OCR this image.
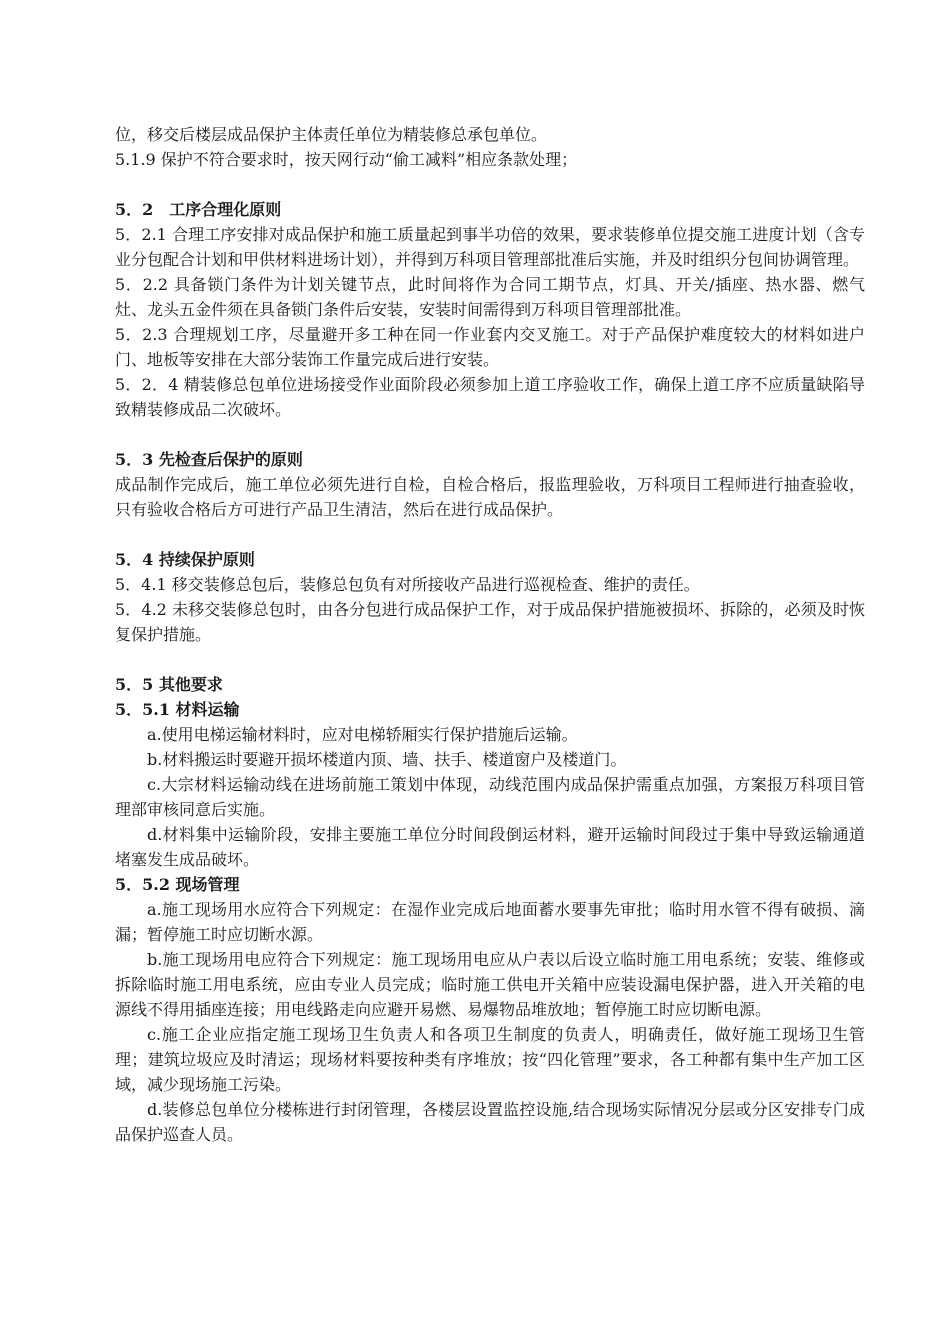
位，移交后楼层成品保护主体责任单位为精装修总承包单位。

5.1.9 保护不符合要求时，按天网行动“偷工减料”相应条款处理；

5．2　工序合理化原则

5．2.1 合理工序安排对成品保护和施工质量起到事半功倍的效果，要求装修单位提交施工进度计划（含专业分包配合计划和甲供材料进场计划），并得到万科项目管理部批准后实施，并及时组织分包间协调管理。

5．2.2 具备锁门条件为计划关键节点，此时间将作为合同工期节点，灯具、开关/插座、热水器、燃气灶、龙头五金件须在具备锁门条件后安装，安装时间需得到万科项目管理部批准。

5．2.3 合理规划工序，尽量避开多工种在同一作业套内交叉施工。对于产品保护难度较大的材料如进户门、地板等安排在大部分装饰工作量完成后进行安装。

5．2．4 精装修总包单位进场接受作业面阶段必须参加上道工序验收工作，确保上道工序不应质量缺陷导致精装修成品二次破坏。

5．3 先检查后保护的原则

成品制作完成后，施工单位必须先进行自检，自检合格后，报监理验收，万科项目工程师进行抽查验收，只有验收合格后方可进行产品卫生清洁，然后在进行成品保护。

5．4 持续保护原则

5．4.1 移交装修总包后，装修总包负有对所接收产品进行巡视检查、维护的责任。

5．4.2 未移交装修总包时，由各分包进行成品保护工作，对于成品保护措施被损坏、拆除的，必须及时恢复保护措施。

5．5 其他要求

5．5.1 材料运输

a.使用电梯运输材料时，应对电梯轿厢实行保护措施后运输。

b.材料搬运时要避开损坏楼道内顶、墙、扶手、楼道窗户及楼道门。

c.大宗材料运输动线在进场前施工策划中体现，动线范围内成品保护需重点加强，方案报万科项目管理部审核同意后实施。

d.材料集中运输阶段，安排主要施工单位分时间段倒运材料，避开运输时间段过于集中导致运输通道堵塞发生成品破坏。

5．5.2 现场管理

a.施工现场用水应符合下列规定：在湿作业完成后地面蓄水要事先审批；临时用水管不得有破损、滴漏；暂停施工时应切断水源。

b.施工现场用电应符合下列规定：施工现场用电应从户表以后设立临时施工用电系统；安装、维修或拆除临时施工用电系统，应由专业人员完成；临时施工供电开关箱中应装设漏电保护器，进入开关箱的电源线不得用插座连接；用电线路走向应避开易燃、易爆物品堆放地；暂停施工时应切断电源。

c.施工企业应指定施工现场卫生负责人和各项卫生制度的负责人，明确责任，做好施工现场卫生管理；建筑垃圾应及时清运；现场材料要按种类有序堆放；按“四化管理”要求，各工种都有集中生产加工区域，减少现场施工污染。

d.装修总包单位分楼栋进行封闭管理，各楼层设置监控设施,结合现场实际情况分层或分区安排专门成品保护巡查人员。
